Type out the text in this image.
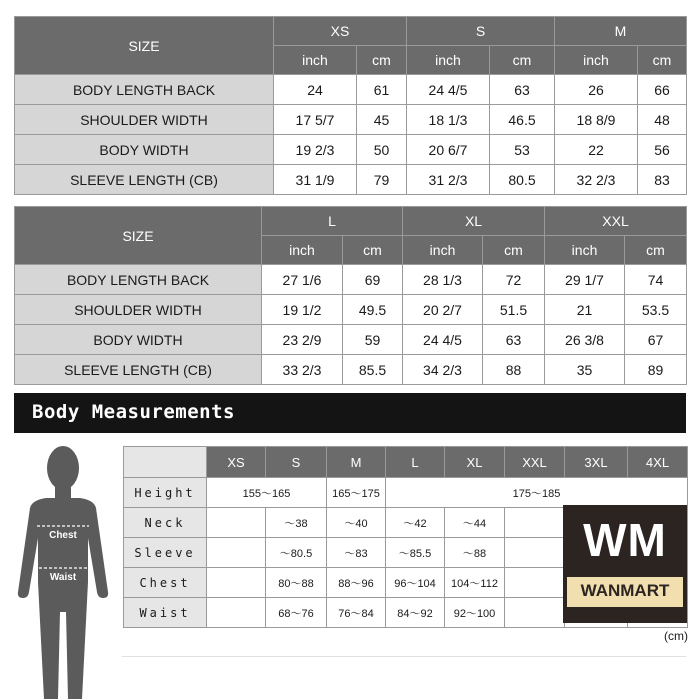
SIZE	XS		S		M	
	inch	cm	inch	cm	inch	cm
BODY LENGTH BACK	24	61	24 4/5	63	26	66
SHOULDER WIDTH	17 5/7	45	18 1/3	46.5	18 8/9	48
BODY WIDTH	19 2/3	50	20 6/7	53	22	56
SLEEVE LENGTH (CB)	31 1/9	79	31 2/3	80.5	32 2/3	83
SIZE	L		XL		XXL	
	inch	cm	inch	cm	inch	cm
BODY LENGTH BACK	27 1/6	69	28 1/3	72	29 1/7	74
SHOULDER WIDTH	19 1/2	49.5	20 2/7	51.5	21	53.5
BODY WIDTH	23 2/9	59	24 4/5	63	26 3/8	67
SLEEVE LENGTH (CB)	33 2/3	85.5	34 2/3	88	35	89
Body Measurements
Chest
Waist
	XS	S	M	L	XL	XXL	3XL	4XL
Height	155～165		165～175	175～185				
Neck		～38	～40	～42	～44			
Sleeve		～80.5	～83	～85.5	～88			
Chest		80～88	88～96	96～104	104～112			
Waist		68～76	76～84	84～92	92～100			
WM
WANMART
(cm)
